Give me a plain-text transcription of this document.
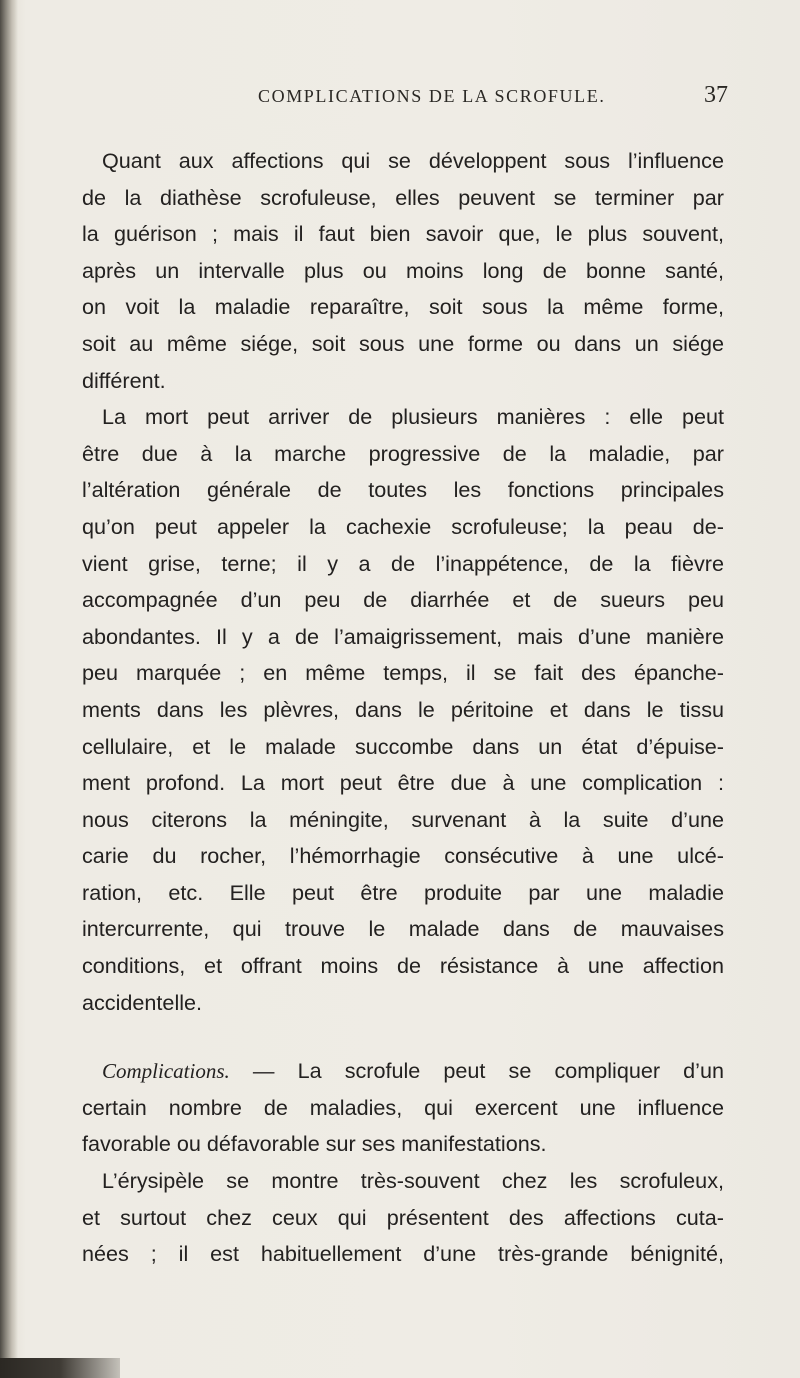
COMPLICATIONS DE LA SCROFULE.	37
Quant aux affections qui se développent sous l’influence
de la diathèse scrofuleuse, elles peuvent se terminer par
la guérison ; mais il faut bien savoir que, le plus souvent,
après un intervalle plus ou moins long de bonne santé,
on voit la maladie reparaître, soit sous la même forme,
soit au même siége, soit sous une forme ou dans un siége
différent.
La mort peut arriver de plusieurs manières : elle peut
être due à la marche progressive de la maladie, par
l’altération générale de toutes les fonctions principales
qu’on peut appeler la cachexie scrofuleuse; la peau de-
vient grise, terne; il y a de l’inappétence, de la fièvre
accompagnée d’un peu de diarrhée et de sueurs peu
abondantes. Il y a de l’amaigrissement, mais d’une manière
peu marquée ; en même temps, il se fait des épanche-
ments dans les plèvres, dans le péritoine et dans le tissu
cellulaire, et le malade succombe dans un état d’épuise-
ment profond. La mort peut être due à une complication :
nous citerons la méningite, survenant à la suite d’une
carie du rocher, l’hémorrhagie consécutive à une ulcé-
ration, etc. Elle peut être produite par une maladie
intercurrente, qui trouve le malade dans de mauvaises
conditions, et offrant moins de résistance à une affection
accidentelle.
Complications. — La scrofule peut se compliquer d’un
certain nombre de maladies, qui exercent une influence
favorable ou défavorable sur ses manifestations.
L’érysipèle se montre très-souvent chez les scrofuleux,
et surtout chez ceux qui présentent des affections cuta-
nées ; il est habituellement d’une très-grande bénignité,
